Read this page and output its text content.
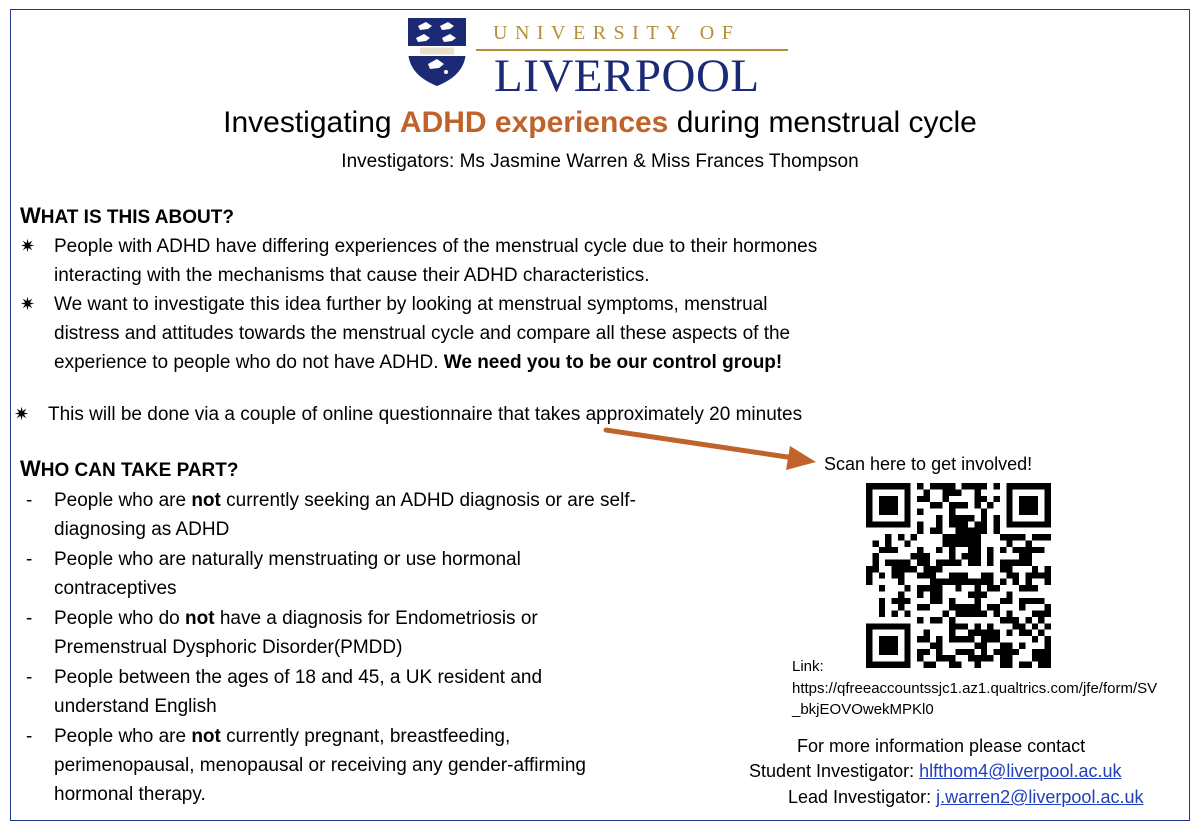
UNIVERSITY OF
LIVERPOOL
Investigating ADHD experiences during menstrual cycle
Investigators: Ms Jasmine Warren & Miss Frances Thompson
WHAT IS THIS ABOUT?
✷ People with ADHD have differing experiences of the menstrual cycle due to their hormones
interacting with the mechanisms that cause their ADHD characteristics.
✷ We want to investigate this idea further by looking at menstrual symptoms, menstrual
distress and attitudes towards the menstrual cycle and compare all these aspects of the
experience to people who do not have ADHD. We need you to be our control group!
✷ This will be done via a couple of online questionnaire that takes approximately 20 minutes
WHO CAN TAKE PART?
- People who are not currently seeking an ADHD diagnosis or are self-
diagnosing as ADHD
- People who are naturally menstruating or use hormonal
contraceptives
- People who do not have a diagnosis for Endometriosis or
Premenstrual Dysphoric Disorder(PMDD)
- People between the ages of 18 and 45, a UK resident and
understand English
- People who are not currently pregnant, breastfeeding,
perimenopausal, menopausal or receiving any gender-affirming
hormonal therapy.
Scan here to get involved!
Link:
https://qfreeaccountssjc1.az1.qualtrics.com/jfe/form/SV
_bkjEOVOwekMPKl0
For more information please contact
Student Investigator: hlfthom4@liverpool.ac.uk
Lead Investigator: j.warren2@liverpool.ac.uk
